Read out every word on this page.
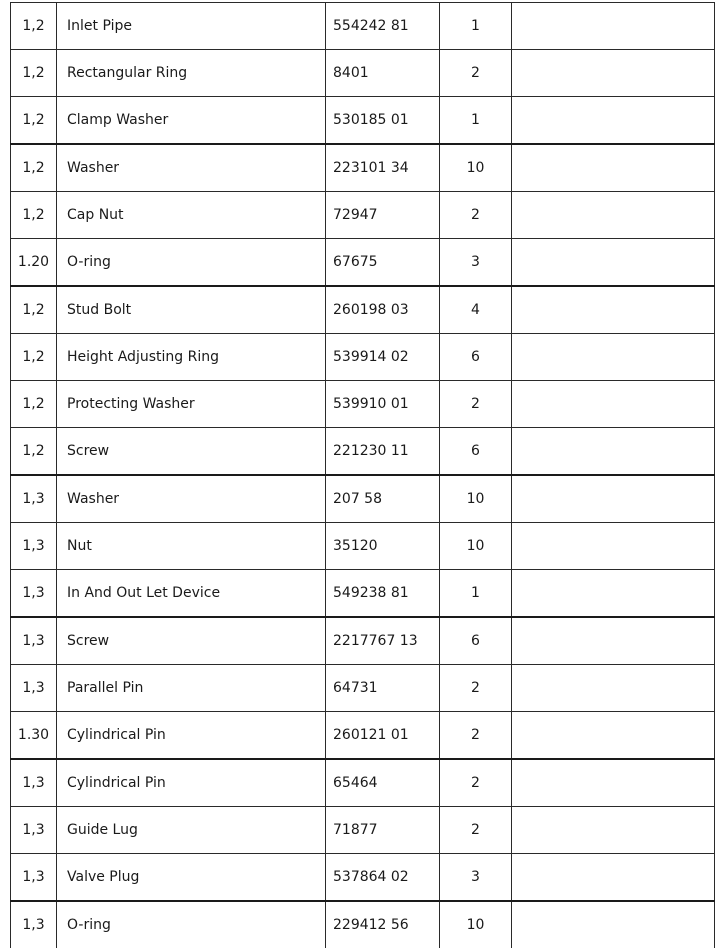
1,2	Inlet Pipe	554242 81	1	
1,2	Rectangular Ring	8401	2	
1,2	Clamp Washer	530185 01	1	
1,2	Washer	223101 34	10	
1,2	Cap Nut	72947	2	
1.20	O-ring	67675	3	
1,2	Stud Bolt	260198 03	4	
1,2	Height Adjusting Ring	539914 02	6	
1,2	Protecting Washer	539910 01	2	
1,2	Screw	221230 11	6	
1,3	Washer	207 58	10	
1,3	Nut	35120	10	
1,3	In And Out Let Device	549238 81	1	
1,3	Screw	2217767 13	6	
1,3	Parallel Pin	64731	2	
1.30	Cylindrical Pin	260121 01	2	
1,3	Cylindrical Pin	65464	2	
1,3	Guide Lug	71877	2	
1,3	Valve Plug	537864 02	3	
1,3	O-ring	229412 56	10	
